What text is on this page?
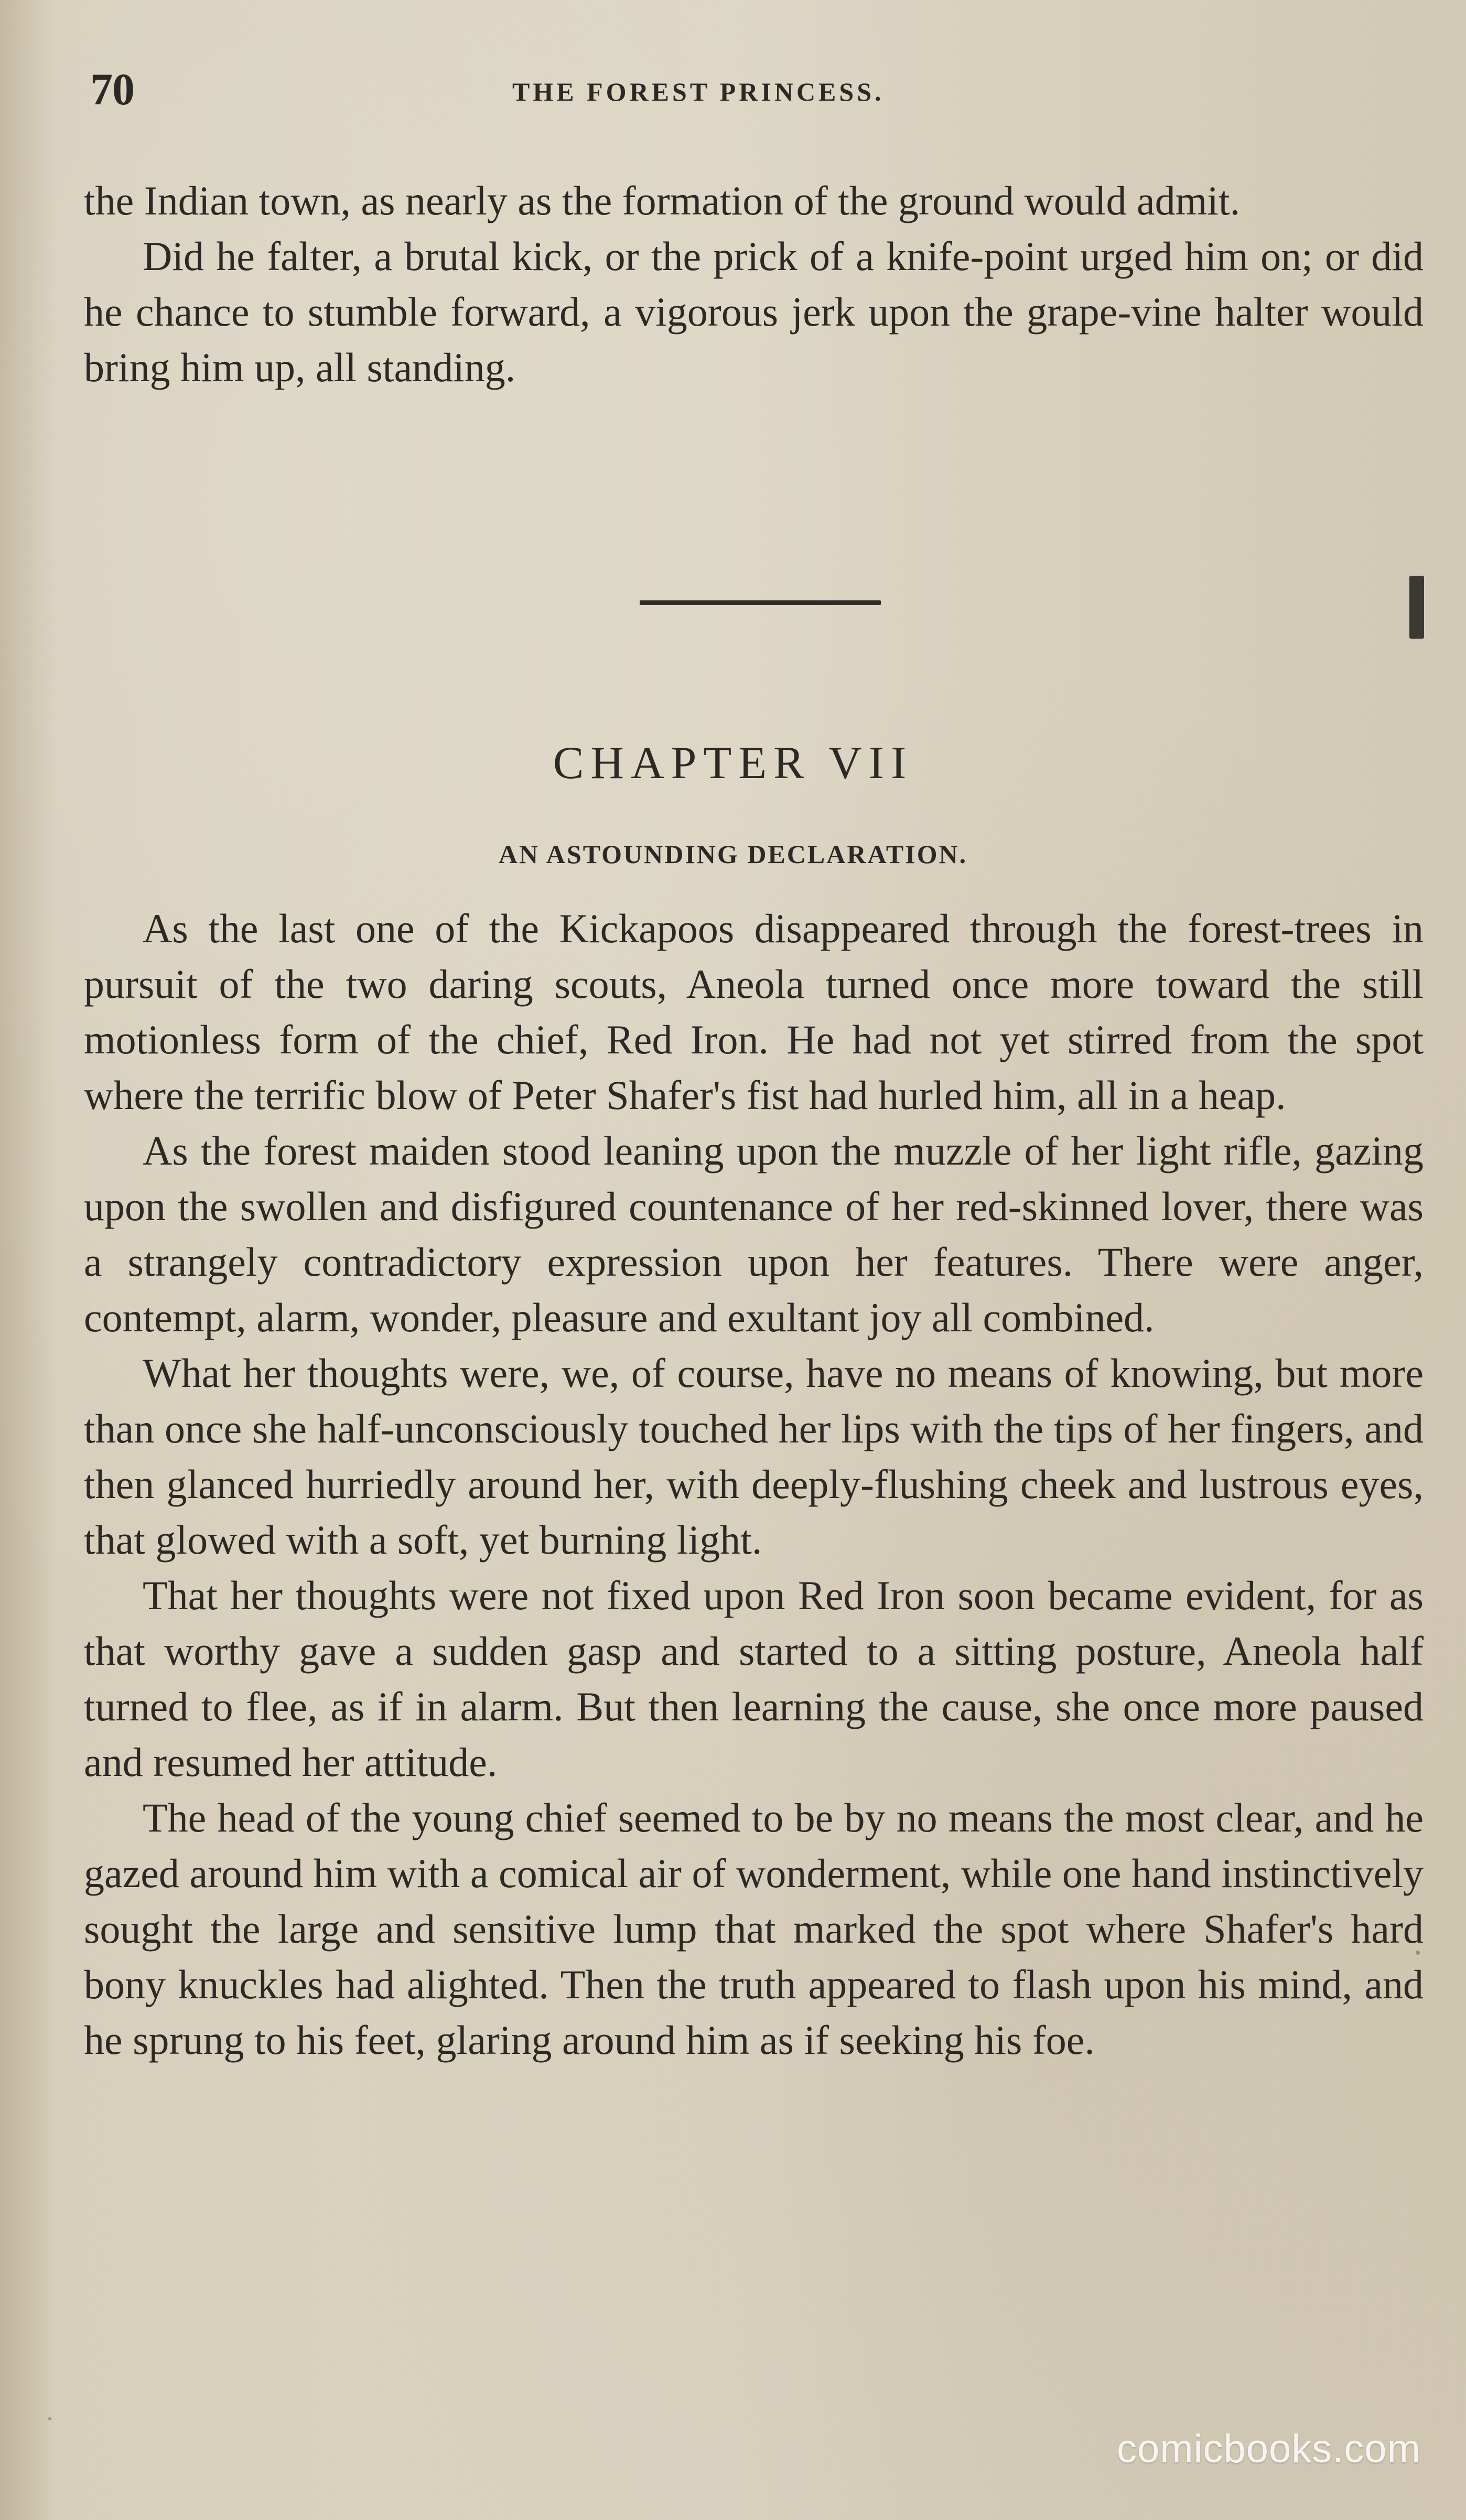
70	THE FOREST PRINCESS.

the Indian town, as nearly as the formation of the ground would admit.

Did he falter, a brutal kick, or the prick of a knife-point urged him on; or did he chance to stumble forward, a vigorous jerk upon the grape-vine halter would bring him up, all standing.

CHAPTER VII
AN ASTOUNDING DECLARATION.

As the last one of the Kickapoos disappeared through the forest-trees in pursuit of the two daring scouts, Aneola turned once more toward the still motionless form of the chief, Red Iron. He had not yet stirred from the spot where the terrific blow of Peter Shafer's fist had hurled him, all in a heap.

As the forest maiden stood leaning upon the muzzle of her light rifle, gazing upon the swollen and disfigured countenance of her red-skinned lover, there was a strangely contradictory expression upon her features. There were anger, contempt, alarm, wonder, pleasure and exultant joy all combined.

What her thoughts were, we, of course, have no means of knowing, but more than once she half-unconsciously touched her lips with the tips of her fingers, and then glanced hurriedly around her, with deeply-flushing cheek and lustrous eyes, that glowed with a soft, yet burning light.

That her thoughts were not fixed upon Red Iron soon became evident, for as that worthy gave a sudden gasp and started to a sitting posture, Aneola half turned to flee, as if in alarm. But then learning the cause, she once more paused and resumed her attitude.

The head of the young chief seemed to be by no means the most clear, and he gazed around him with a comical air of wonderment, while one hand instinctively sought the large and sensitive lump that marked the spot where Shafer's hard bony knuckles had alighted. Then the truth appeared to flash upon his mind, and he sprung to his feet, glaring around him as if seeking his foe.

comicbooks.com
